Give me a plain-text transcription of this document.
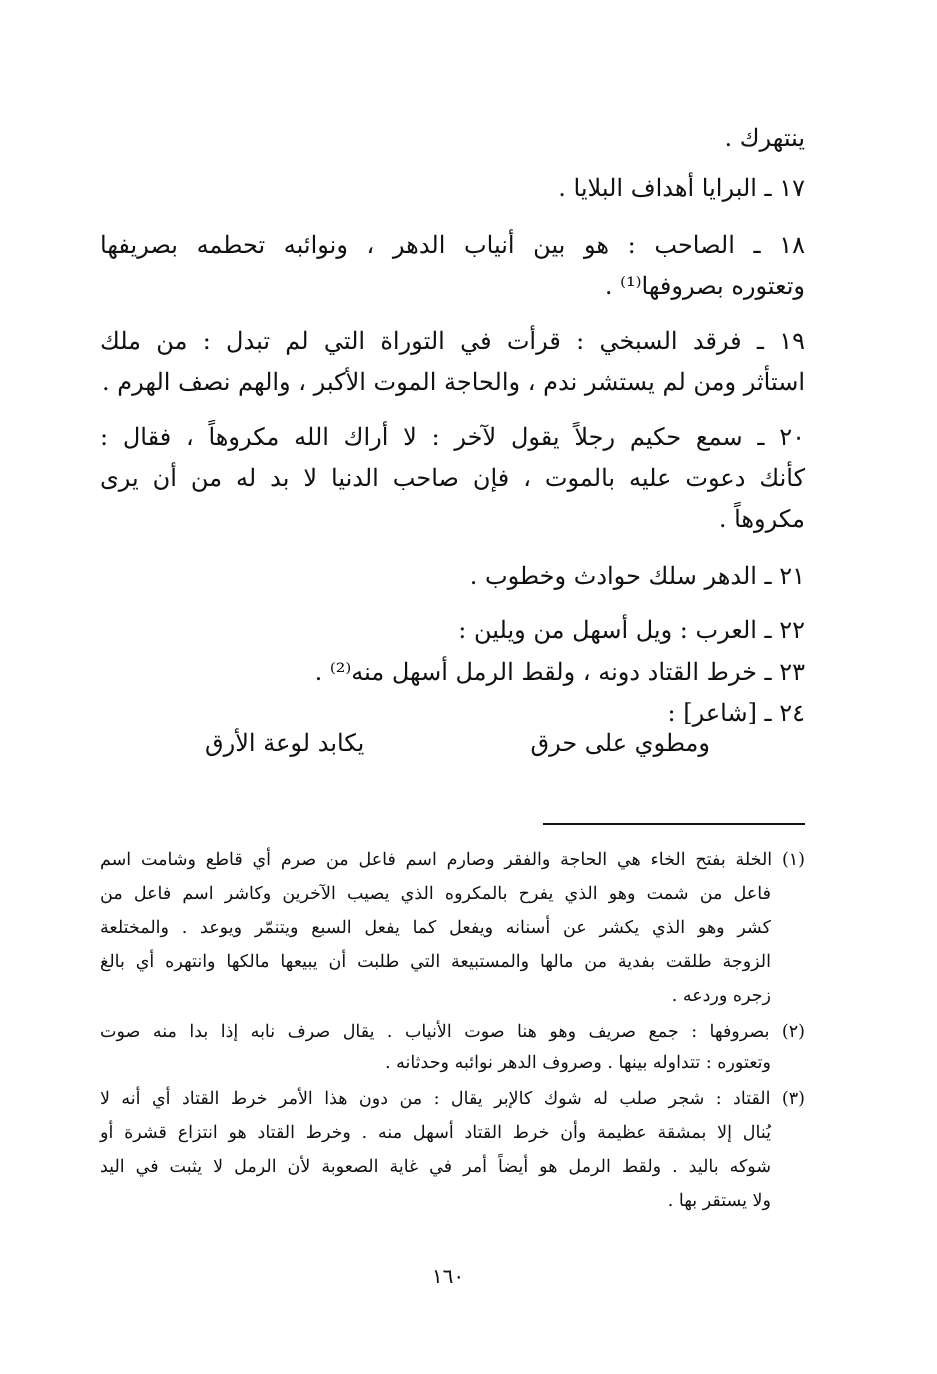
ينتهرك .
١٧ ـ البرايا أهداف البلايا .
١٨ ـ الصاحب : هو بين أنياب الدهر ، ونوائبه تحطمه بصريفها
وتعتوره بصروفها⁽¹⁾ .
١٩ ـ فرقد السبخي : قرأت في التوراة التي لم تبدل : من ملك
استأثر ومن لم يستشر ندم ، والحاجة الموت الأكبر ، والهم نصف الهرم .
٢٠ ـ سمع حكيم رجلاً يقول لآخر : لا أراك الله مكروهاً ، فقال :
كأنك دعوت عليه بالموت ، فإن صاحب الدنيا لا بد له من أن يرى
مكروهاً .
٢١ ـ الدهر سلك حوادث وخطوب .
٢٢ ـ العرب : ويل أسهل من ويلين :
٢٣ ـ خرط القتاد دونه ، ولقط الرمل أسهل منه⁽²⁾ .
٢٤ ـ [شاعر] :
ومطوي على حرق
يكابد لوعة الأرق
(١) الخلة بفتح الخاء هي الحاجة والفقر وصارم اسم فاعل من صرم أي قاطع وشامت اسم
فاعل من شمت وهو الذي يفرح بالمكروه الذي يصيب الآخرين وكاشر اسم فاعل من
كشر وهو الذي يكشر عن أسنانه ويفعل كما يفعل السبع ويتنمّر ويوعد . والمختلعة
الزوجة طلقت بفدية من مالها والمستبيعة التي طلبت أن يبيعها مالكها وانتهره أي بالغ
زجره وردعه .
(٢) بصروفها : جمع صريف وهو هنا صوت الأنياب . يقال صرف نابه إذا بدا منه صوت
وتعتوره : تتداوله بينها . وصروف الدهر نوائبه وحدثانه .
(٣) القتاد : شجر صلب له شوك كالإبر يقال : من دون هذا الأمر خرط القتاد أي أنه لا
يُنال إلا بمشقة عظيمة وأن خرط القتاد أسهل منه . وخرط القتاد هو انتزاع قشرة أو
شوكه باليد . ولقط الرمل هو أيضاً أمر في غاية الصعوبة لأن الرمل لا يثبت في اليد
ولا يستقر بها .
١٦٠
